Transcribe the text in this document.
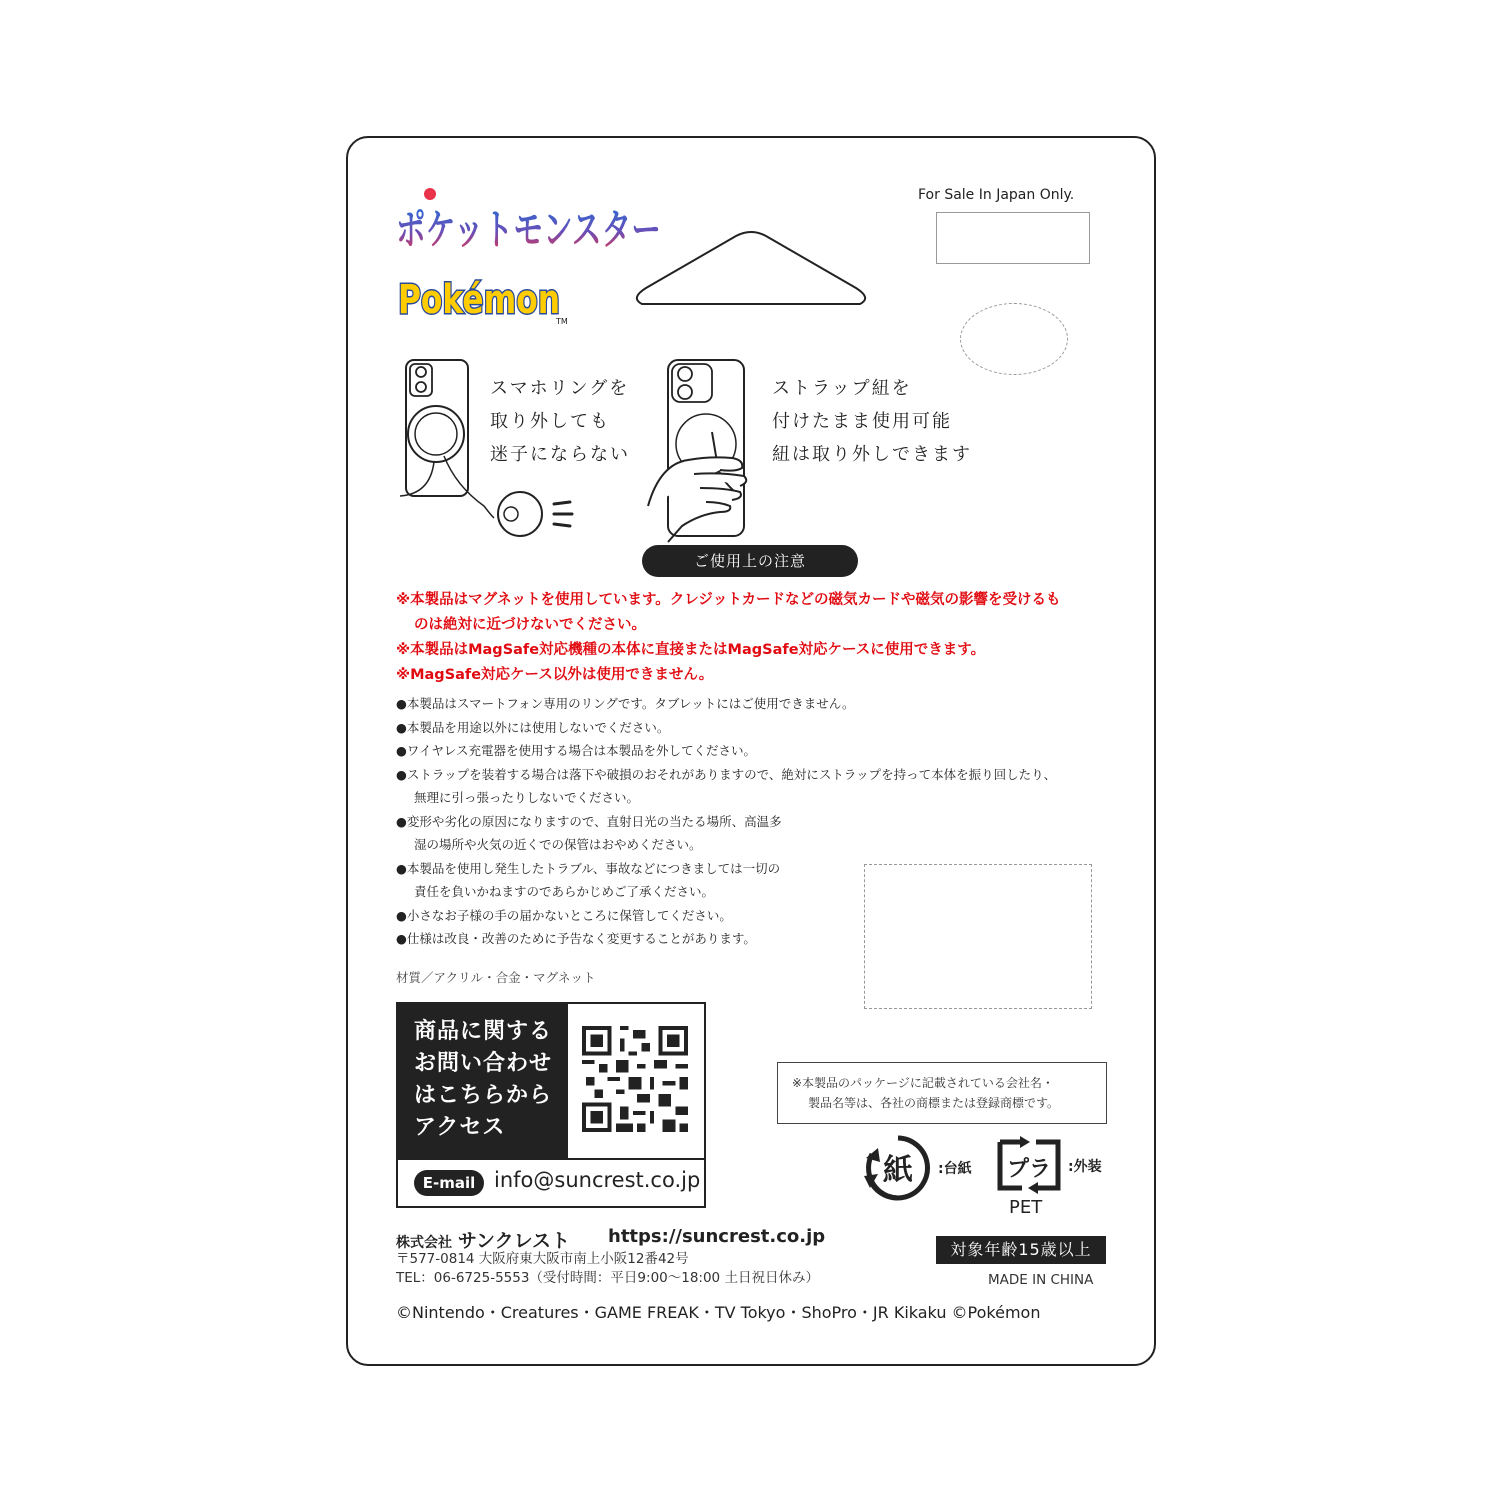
ポケットモンスター
Pokémon
TM
For Sale In Japan Only.
スマホリングを
取り外しても
迷子にならない
ストラップ紐を
付けたまま使用可能
紐は取り外しできます
ご使用上の注意
※本製品はマグネットを使用しています。クレジットカードなどの磁気カードや磁気の影響を受けるも
のは絶対に近づけないでください。
※本製品はMagSafe対応機種の本体に直接またはMagSafe対応ケースに使用できます。
※MagSafe対応ケース以外は使用できません。
●本製品はスマートフォン専用のリングです。タブレットにはご使用できません。
●本製品を用途以外には使用しないでください。
●ワイヤレス充電器を使用する場合は本製品を外してください。
●ストラップを装着する場合は落下や破損のおそれがありますので、絶対にストラップを持って本体を振り回したり、
無理に引っ張ったりしないでください。
●変形や劣化の原因になりますので、直射日光の当たる場所、高温多
湿の場所や火気の近くでの保管はおやめください。
●本製品を使用し発生したトラブル、事故などにつきましては一切の
責任を負いかねますのであらかじめご了承ください。
●小さなお子様の手の届かないところに保管してください。
●仕様は改良・改善のために予告なく変更することがあります。
材質／アクリル・合金・マグネット
商品に関する
お問い合わせ
はこちらから
アクセス
E-mail info@suncrest.co.jp
※本製品のパッケージに記載されている会社名・
製品名等は、各社の商標または登録商標です。
紙 :台紙 プラ :外装
PET
株式会社 サンクレスト https://suncrest.co.jp
〒577-0814 大阪府東大阪市南上小阪12番42号
TEL：06-6725-5553（受付時間：平日9:00〜18:00 土日祝日休み）
対象年齢15歳以上
MADE IN CHINA
©Nintendo・Creatures・GAME FREAK・TV Tokyo・ShoPro・JR Kikaku ©Pokémon
